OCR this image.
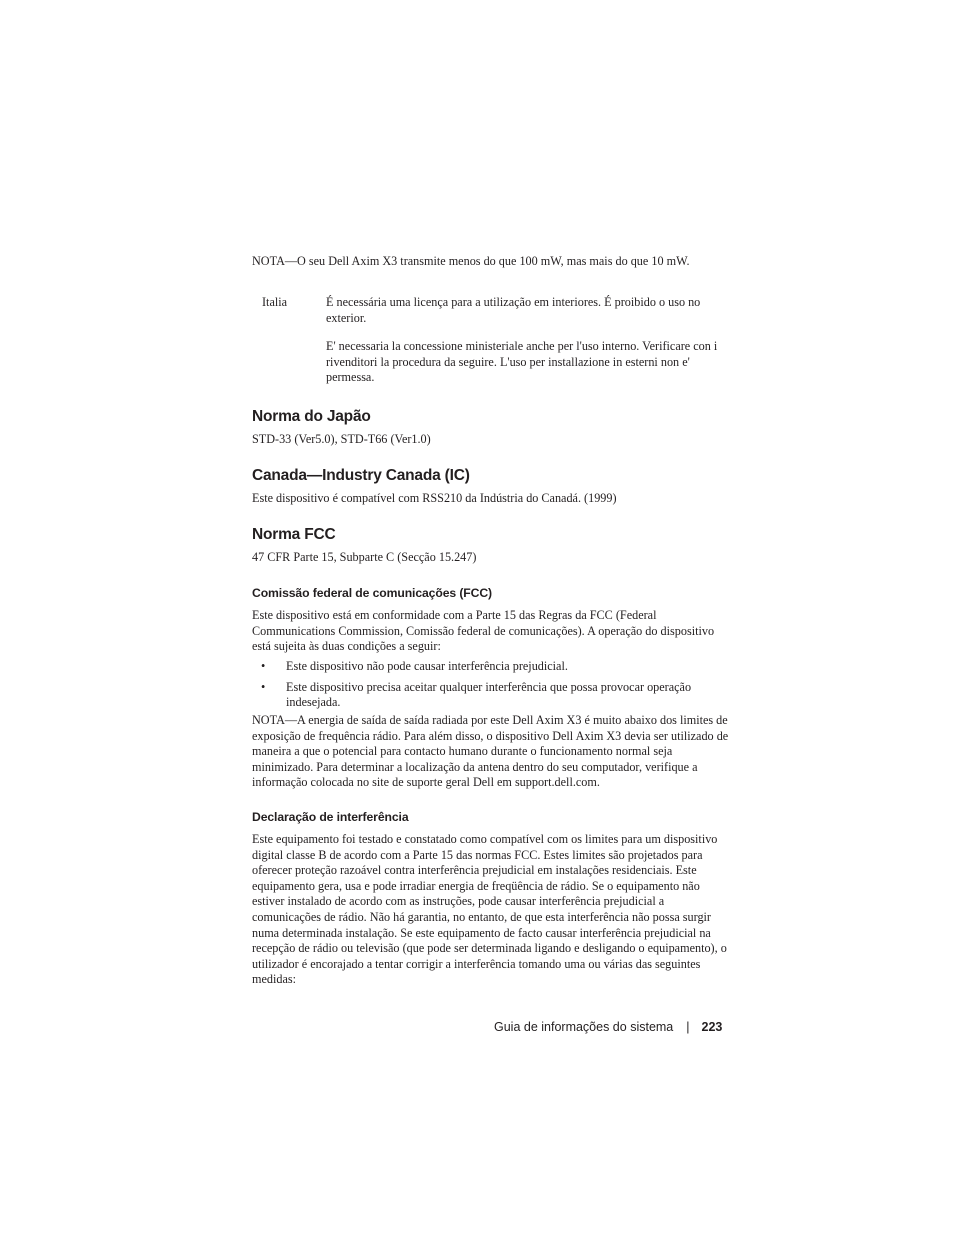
NOTA—O seu Dell Axim X3 transmite menos do que 100 mW, mas mais do que 10 mW.
Italia	É necessária uma licença para a utilização em interiores. É proibido o uso no exterior.
E' necessaria la concessione ministeriale anche per l'uso interno. Verificare con i rivenditori la procedura da seguire. L'uso per installazione in esterni non e' permessa.
Norma do Japão
STD-33 (Ver5.0), STD-T66 (Ver1.0)
Canada—Industry Canada (IC)
Este dispositivo é compatível com RSS210 da Indústria do Canadá. (1999)
Norma FCC
47 CFR Parte 15, Subparte C (Secção 15.247)
Comissão federal de comunicações (FCC)
Este dispositivo está em conformidade com a Parte 15 das Regras da FCC (Federal Communications Commission, Comissão federal de comunicações). A operação do dispositivo está sujeita às duas condições a seguir:
• Este dispositivo não pode causar interferência prejudicial.
• Este dispositivo precisa aceitar qualquer interferência que possa provocar operação indesejada.
NOTA—A energia de saída de saída radiada por este Dell Axim X3 é muito abaixo dos limites de exposição de frequência rádio. Para além disso, o dispositivo Dell Axim X3 devia ser utilizado de maneira a que o potencial para contacto humano durante o funcionamento normal seja minimizado. Para determinar a localização da antena dentro do seu computador, verifique a informação colocada no site de suporte geral Dell em support.dell.com.
Declaração de interferência
Este equipamento foi testado e constatado como compatível com os limites para um dispositivo digital classe B de acordo com a Parte 15 das normas FCC. Estes limites são projetados para oferecer proteção razoável contra interferência prejudicial em instalações residenciais. Este equipamento gera, usa e pode irradiar energia de freqüência de rádio. Se o equipamento não estiver instalado de acordo com as instruções, pode causar interferência prejudicial a comunicações de rádio. Não há garantia, no entanto, de que esta interferência não possa surgir numa determinada instalação. Se este equipamento de facto causar interferência prejudicial na recepção de rádio ou televisão (que pode ser determinada ligando e desligando o equipamento), o utilizador é encorajado a tentar corrigir a interferência tomando uma ou várias das seguintes medidas:
Guia de informações do sistema | 223
